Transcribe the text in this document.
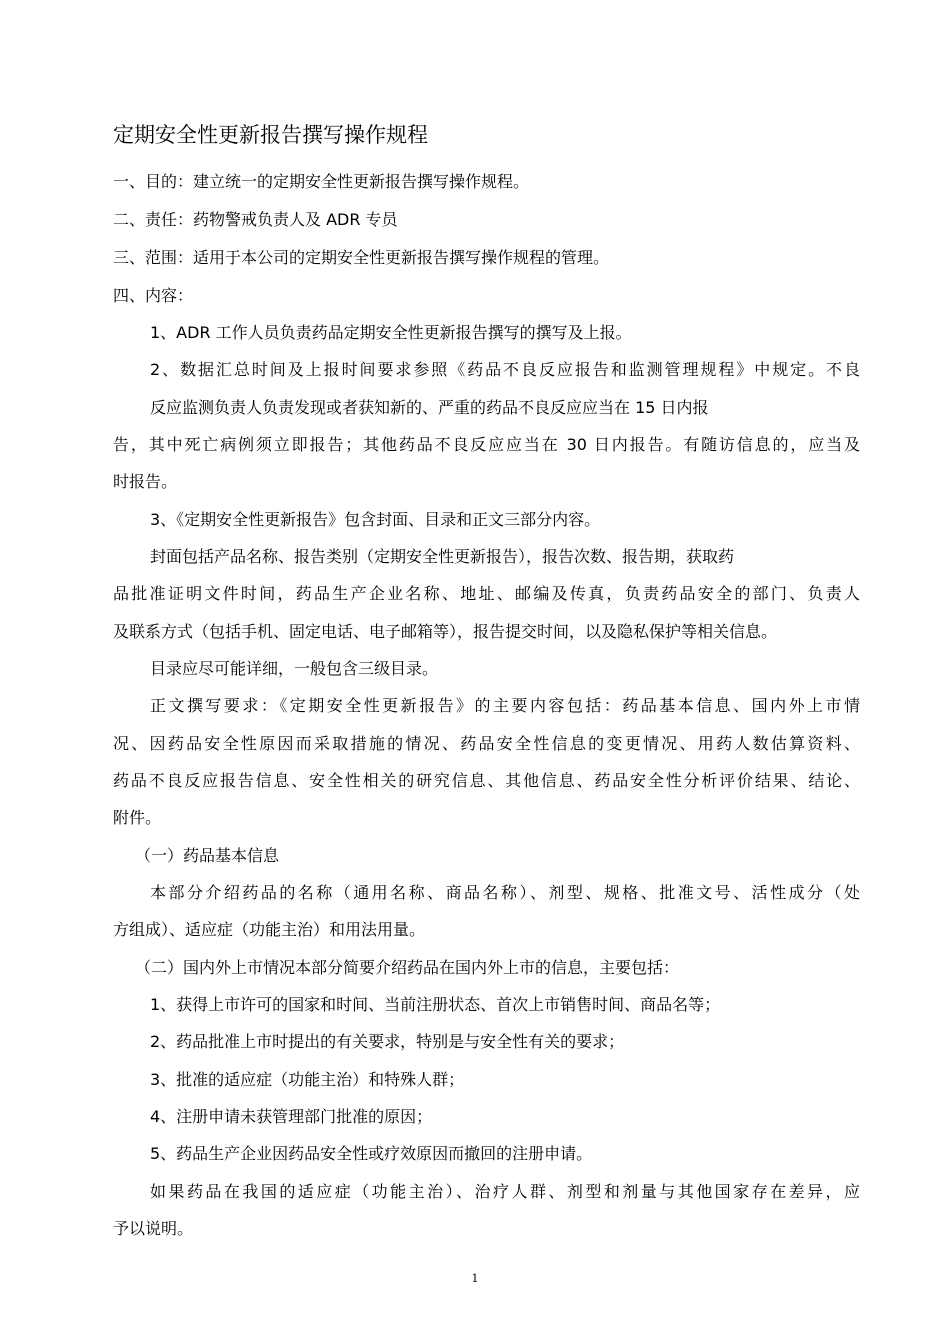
定期安全性更新报告撰写操作规程
一、目的：建立统一的定期安全性更新报告撰写操作规程。
二、责任：药物警戒负责人及 ADR 专员
三、范围：适用于本公司的定期安全性更新报告撰写操作规程的管理。
四、内容：
1、ADR 工作人员负责药品定期安全性更新报告撰写的撰写及上报。
2、数据汇总时间及上报时间要求参照《药品不良反应报告和监测管理规程》中规定。不良
反应监测负责人负责发现或者获知新的、严重的药品不良反应应当在 15 日内报
告，其中死亡病例须立即报告；其他药品不良反应应当在 30 日内报告。有随访信息的，应当及
时报告。
3、《定期安全性更新报告》包含封面、目录和正文三部分内容。
封面包括产品名称、报告类别（定期安全性更新报告），报告次数、报告期，获取药
品批准证明文件时间，药品生产企业名称、地址、邮编及传真，负责药品安全的部门、负责人
及联系方式（包括手机、固定电话、电子邮箱等），报告提交时间，以及隐私保护等相关信息。
目录应尽可能详细，一般包含三级目录。
正文撰写要求：《定期安全性更新报告》的主要内容包括：药品基本信息、国内外上市情
况、因药品安全性原因而采取措施的情况、药品安全性信息的变更情况、用药人数估算资料、
药品不良反应报告信息、安全性相关的研究信息、其他信息、药品安全性分析评价结果、结论、
附件。
（一）药品基本信息
本部分介绍药品的名称（通用名称、商品名称）、剂型、规格、批准文号、活性成分（处
方组成）、适应症（功能主治）和用法用量。
（二）国内外上市情况本部分简要介绍药品在国内外上市的信息，主要包括：
1、获得上市许可的国家和时间、当前注册状态、首次上市销售时间、商品名等；
2、药品批准上市时提出的有关要求，特别是与安全性有关的要求；
3、批准的适应症（功能主治）和特殊人群；
4、注册申请未获管理部门批准的原因；
5、药品生产企业因药品安全性或疗效原因而撤回的注册申请。
如果药品在我国的适应症（功能主治）、治疗人群、剂型和剂量与其他国家存在差异，应
予以说明。
1
